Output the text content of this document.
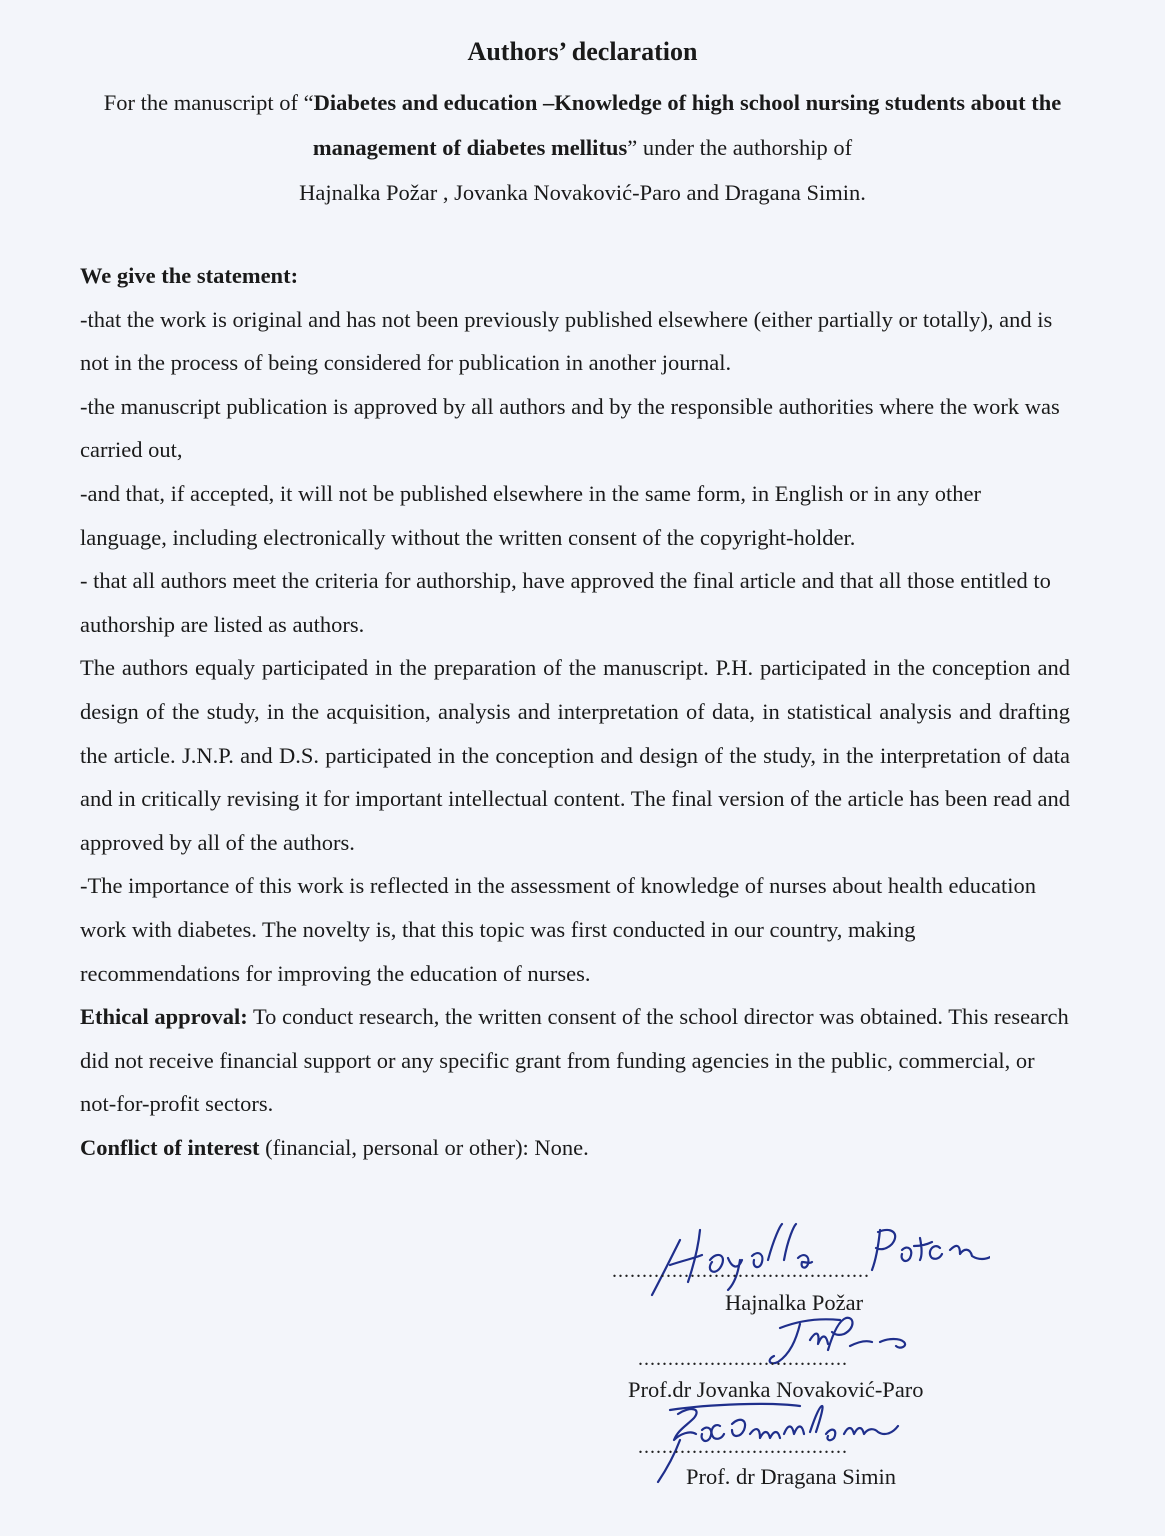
Authors’ declaration
For the manuscript of “Diabetes and education –Knowledge of high school nursing students about the management of diabetes mellitus” under the authorship of
Hajnalka Požar , Jovanka Novaković-Paro and Dragana Simin.

We give the statement:

-that the work is original and has not been previously published elsewhere (either partially or totally), and is not in the process of being considered for publication in another journal.

-the manuscript publication is approved by all authors and by the responsible authorities where the work was carried out,

-and that, if accepted, it will not be published elsewhere in the same form, in English or in any other language, including electronically without the written consent of the copyright-holder.

- that all authors meet the criteria for authorship, have approved the final article and that all those entitled to authorship are listed as authors.

The authors equaly participated in the preparation of the manuscript. P.H. participated in the conception and design of the study, in the acquisition, analysis and interpretation of data, in statistical analysis and drafting the article. J.N.P. and D.S. participated in the conception and design of the study, in the interpretation of data and in critically revising it for important intellectual content. The final version of the article has been read and approved by all of the authors.

-The importance of this work is reflected in the assessment of knowledge of nurses about health education work with diabetes. The novelty is, that this topic was first conducted in our country, making recommendations for improving the education of nurses.

Ethical approval: To conduct research, the written consent of the school director was obtained. This research did not receive financial support or any specific grant from funding agencies in the public, commercial, or not-for-profit sectors.

Conflict of interest (financial, personal or other): None.

...........................................
Hajnalka Požar
...................................
Prof.dr Jovanka Novaković-Paro
...................................
Prof. dr Dragana Simin
